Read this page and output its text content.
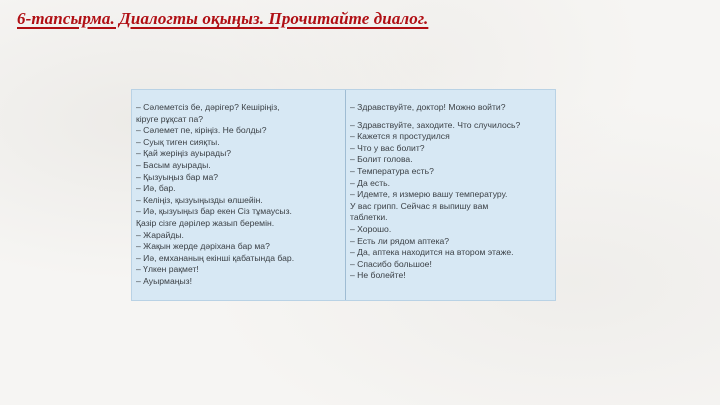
6-тапсырма. Диалогты оқыңыз. Прочитайте диалог.
– Сәлеметсіз бе, дәрігер? Кешіріңіз,
кіруге рұқсат па?
– Сәлемет пе, кіріңіз. Не болды?
– Суық тиген сияқты.
– Қай жеріңіз ауырады?
– Басым ауырады.
– Қызуыңыз бар ма?
– Иә, бар.
– Келіңіз, қызуыңызды өлшейін.
– Иә, қызуыңыз бар екен Сіз тұмаусыз.
Қазір сізге дәрілер жазып беремін.
– Жарайды.
– Жақын жерде дәріхана бар ма?
– Иә, емхананың екінші қабатында бар.
– Үлкен рақмет!
– Ауырмаңыз!
– Здравствуйте, доктор! Можно войти?
– Здравствуйте, заходите. Что случилось?
– Кажется я простудился
– Что у вас болит?
– Болит голова.
– Температура есть?
– Да есть.
– Идемте, я измерю вашу температуру.
У вас грипп. Сейчас я выпишу вам
таблетки.
– Хорошо.
– Есть ли рядом аптека?
– Да, аптека находится на втором этаже.
– Спасибо большое!
– Не болейте!
